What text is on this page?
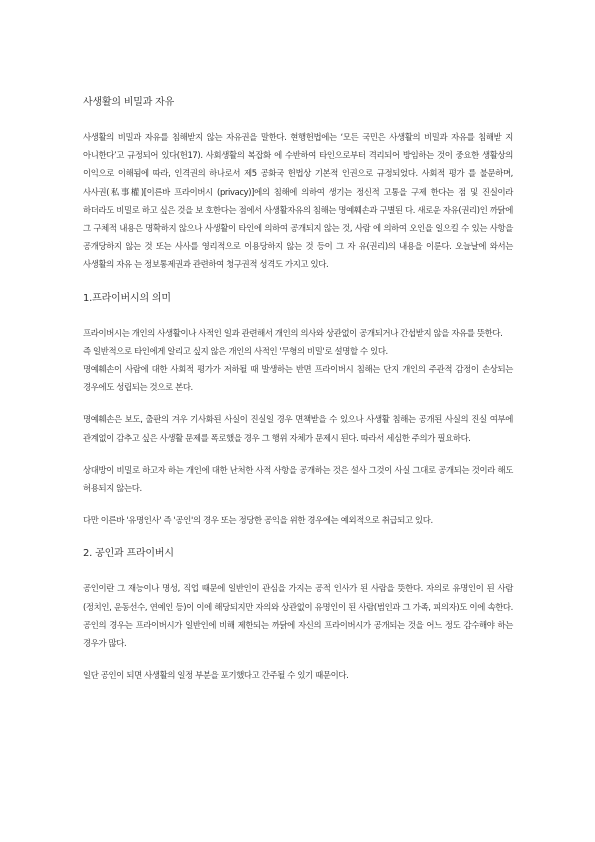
사생활의 비밀과 자유

사생활의 비밀과 자유를 침해받지 않는 자유권을 말한다. 현행헌법에는 ‘모든 국민은 사생활의 비밀과 자유를 침해받 지 아니한다’고 규정되어 있다(헌17). 사회생활의 복잡화 에 수반하여 타인으로부터 격리되어 방임하는 것이 중요한 생활상의 이익으로 이해됨에 따라, 인격권의 하나로서 제5 공화국 헌법상 기본적 인권으로 규정되었다. 사회적 평가 를 불문하며, 사사권(私事權)[이른바 프라이버시 (privacy)]에의 침해에 의하여 생기는 정신적 고통을 구제 한다는 점 및 진실이라 하더라도 비밀로 하고 싶은 것을 보 호한다는 점에서 사생활자유의 침해는 명예훼손과 구별된 다. 새로운 자유(권리)인 까닭에 그 구체적 내용은 명확하지 않으나 사생활이 타인에 의하여 공개되지 않는 것, 사람 에 의하여 오인을 일으킬 수 있는 사항을 공개당하지 않는 것 또는 사사를 영리적으로 이용당하지 않는 것 등이 그 자 유(권리)의 내용을 이룬다. 오늘날에 와서는 사생활의 자유 는 정보통제권과 관련하여 청구권적 성격도 가지고 있다.

1.프라이버시의 의미

프라이버시는 개인의 사생활이나 사적인 일과 관련해서 개인의 의사와 상관없이 공개되거나 간섭받지 않을 자유를 뜻한다.

즉 일반적으로 타인에게 알리고 싶지 않은 개인의 사적인 '무형의 비밀'로 설명할 수 있다.

명예훼손이 사람에 대한 사회적 평가가 저하될 때 발생하는 반면 프라이버시 침해는 단지 개인의 주관적 감정이 손상되는 경우에도 성립되는 것으로 본다.

명예훼손은 보도, 출판의 겨우 기사화된 사실이 진실일 경우 면책받을 수 있으나 사생활 침해는 공개된 사실의 진실 여부에 관계없이 감추고 싶은 사생활 문제를 폭로했을 경우 그 행위 자체가 문제시 된다. 따라서 세심한 주의가 필요하다.

상대방이 비밀로 하고자 하는 개인에 대한 난처한 사적 사항을 공개하는 것은 설사 그것이 사실 그대로 공개되는 것이라 해도 허용되지 않는다.

다만 이른바 '유명인사' 즉 '공인'의 경우 또는 정당한 공익을 위한 경우에는 예외적으로 취급되고 있다.

2. 공인과 프라이버시

공인이란 그 재능이나 명성, 직업 때문에 일반인이 관심을 가지는 공적 인사가 된 사람을 뜻한다. 자의로 유명인이 된 사람(정치인, 운동선수, 연예인 등)이 이에 해당되지만 자의와 상관없이 유명인이 된 사람(범인과 그 가족, 피의자)도 이에 속한다. 공인의 경우는 프라이버시가 일반인에 비해 제한되는 까닭에 자신의 프라이버시가 공개되는 것을 어느 정도 감수해야 하는 경우가 많다.

일단 공인이 되면 사생활의 일정 부분을 포기했다고 간주될 수 있기 때문이다.
